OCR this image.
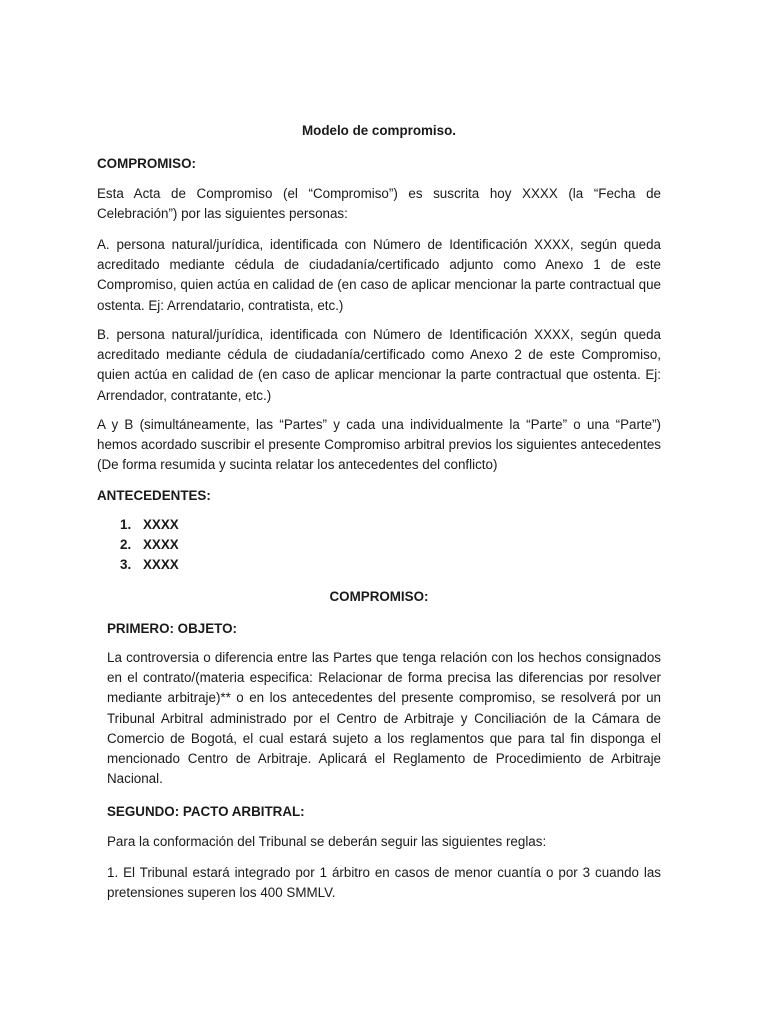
Modelo de compromiso.
COMPROMISO:
Esta Acta de Compromiso (el “Compromiso”) es suscrita hoy XXXX (la “Fecha de Celebración”) por las siguientes personas:
A. persona natural/jurídica, identificada con Número de Identificación XXXX, según queda acreditado mediante cédula de ciudadanía/certificado adjunto como Anexo 1 de este Compromiso, quien actúa en calidad de (en caso de aplicar mencionar la parte contractual que ostenta. Ej: Arrendatario, contratista, etc.)
B. persona natural/jurídica, identificada con Número de Identificación XXXX, según queda acreditado mediante cédula de ciudadanía/certificado como Anexo 2 de este Compromiso, quien actúa en calidad de (en caso de aplicar mencionar la parte contractual que ostenta. Ej: Arrendador, contratante, etc.)
A y B (simultáneamente, las “Partes” y cada una individualmente la “Parte” o una “Parte”) hemos acordado suscribir el presente Compromiso arbitral previos los siguientes antecedentes (De forma resumida y sucinta relatar los antecedentes del conflicto)
ANTECEDENTES:
1. XXXX
2. XXXX
3. XXXX
COMPROMISO:
PRIMERO: OBJETO:
La controversia o diferencia entre las Partes que tenga relación con los hechos consignados en el contrato/(materia especifica: Relacionar de forma precisa las diferencias por resolver mediante arbitraje)** o en los antecedentes del presente compromiso, se resolverá por un Tribunal Arbitral administrado por el Centro de Arbitraje y Conciliación de la Cámara de Comercio de Bogotá, el cual estará sujeto a los reglamentos que para tal fin disponga el mencionado Centro de Arbitraje. Aplicará el Reglamento de Procedimiento de Arbitraje Nacional.
SEGUNDO: PACTO ARBITRAL:
Para la conformación del Tribunal se deberán seguir las siguientes reglas:
1. El Tribunal estará integrado por 1 árbitro en casos de menor cuantía o por 3 cuando las pretensiones superen los 400 SMMLV.
